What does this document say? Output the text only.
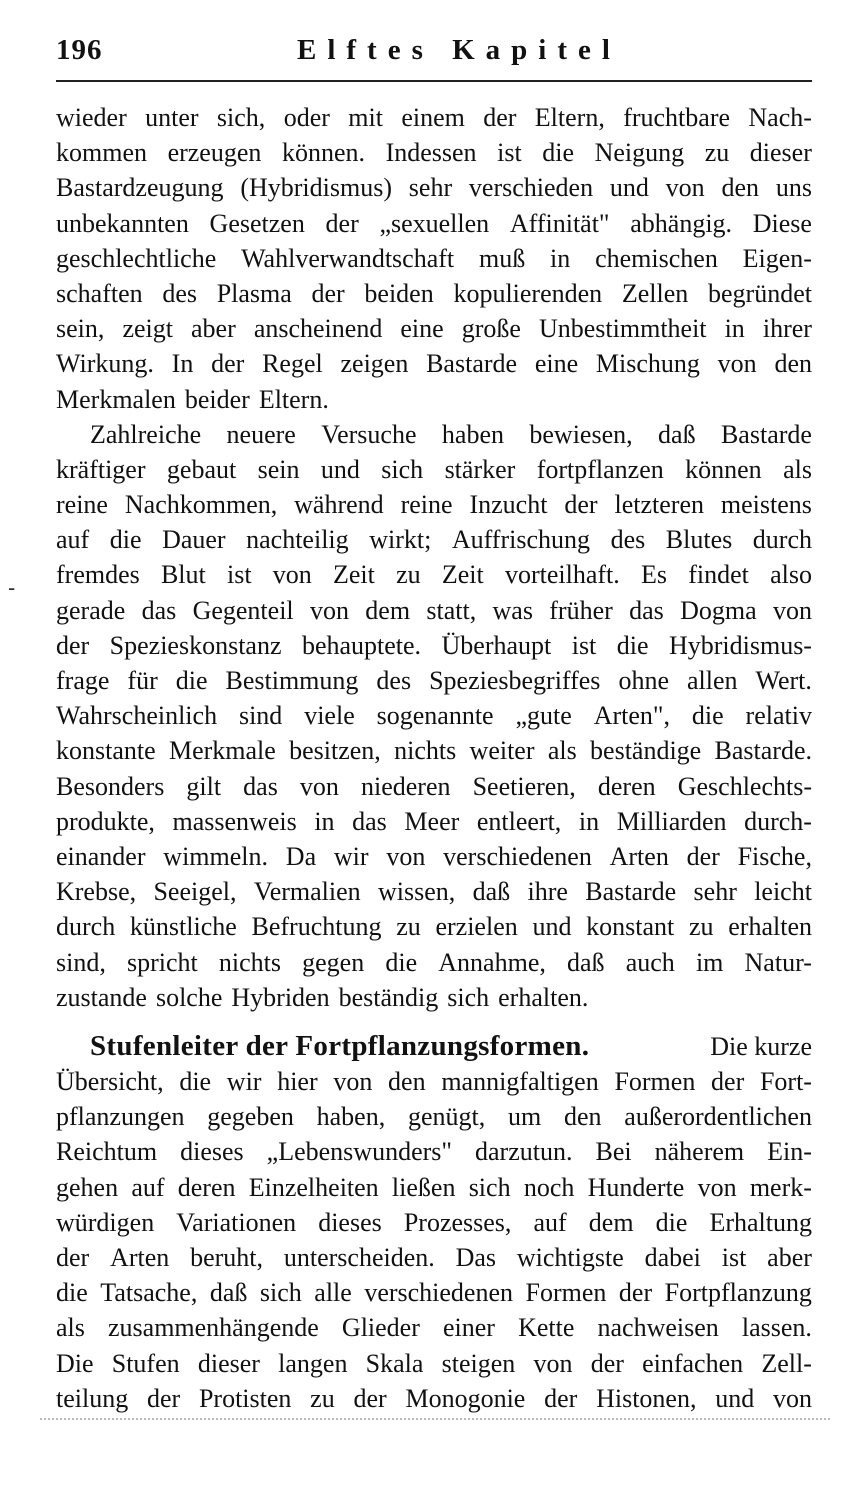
196	Elftes Kapitel
-
wieder unter sich, oder mit einem der Eltern, fruchtbare Nach-
kommen erzeugen können. Indessen ist die Neigung zu dieser
Bastardzeugung (Hybridismus) sehr verschieden und von den uns
unbekannten Gesetzen der „sexuellen Affinität" abhängig. Diese
geschlechtliche Wahlverwandtschaft muß in chemischen Eigen-
schaften des Plasma der beiden kopulierenden Zellen begründet
sein, zeigt aber anscheinend eine große Unbestimmtheit in ihrer
Wirkung. In der Regel zeigen Bastarde eine Mischung von den
Merkmalen beider Eltern.
Zahlreiche neuere Versuche haben bewiesen, daß Bastarde
kräftiger gebaut sein und sich stärker fortpflanzen können als
reine Nachkommen, während reine Inzucht der letzteren meistens
auf die Dauer nachteilig wirkt; Auffrischung des Blutes durch
fremdes Blut ist von Zeit zu Zeit vorteilhaft. Es findet also
gerade das Gegenteil von dem statt, was früher das Dogma von
der Spezieskonstanz behauptete. Überhaupt ist die Hybridismus-
frage für die Bestimmung des Speziesbegriffes ohne allen Wert.
Wahrscheinlich sind viele sogenannte „gute Arten", die relativ
konstante Merkmale besitzen, nichts weiter als beständige Bastarde.
Besonders gilt das von niederen Seetieren, deren Geschlechts-
produkte, massenweis in das Meer entleert, in Milliarden durch-
einander wimmeln. Da wir von verschiedenen Arten der Fische,
Krebse, Seeigel, Vermalien wissen, daß ihre Bastarde sehr leicht
durch künstliche Befruchtung zu erzielen und konstant zu erhalten
sind, spricht nichts gegen die Annahme, daß auch im Natur-
zustande solche Hybriden beständig sich erhalten.
Stufenleiter der Fortpflanzungsformen.	Die kurze
Übersicht, die wir hier von den mannigfaltigen Formen der Fort-
pflanzungen gegeben haben, genügt, um den außerordentlichen
Reichtum dieses „Lebenswunders" darzutun. Bei näherem Ein-
gehen auf deren Einzelheiten ließen sich noch Hunderte von merk-
würdigen Variationen dieses Prozesses, auf dem die Erhaltung
der Arten beruht, unterscheiden. Das wichtigste dabei ist aber
die Tatsache, daß sich alle verschiedenen Formen der Fortpflanzung
als zusammenhängende Glieder einer Kette nachweisen lassen.
Die Stufen dieser langen Skala steigen von der einfachen Zell-
teilung der Protisten zu der Monogonie der Histonen, und von
